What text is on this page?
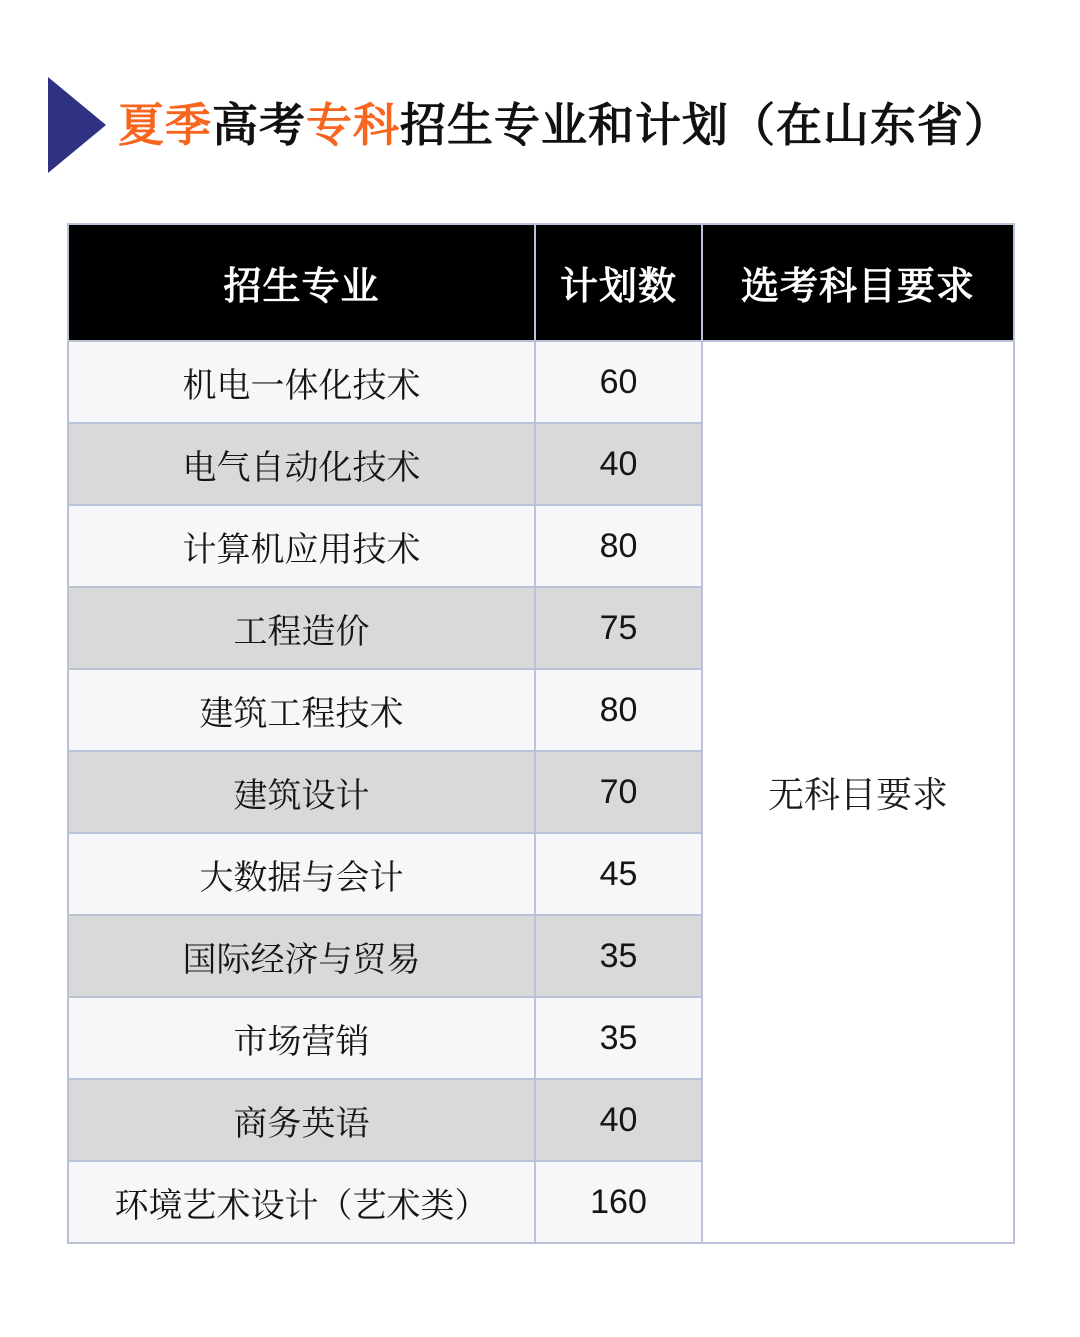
夏季高考专科招生专业和计划（在山东省）
招生专业	计划数	选考科目要求
机电一体化技术	60	无科目要求
电气自动化技术	40	
计算机应用技术	80	
工程造价	75	
建筑工程技术	80	
建筑设计	70	
大数据与会计	45	
国际经济与贸易	35	
市场营销	35	
商务英语	40	
环境艺术设计（艺术类）	160	
